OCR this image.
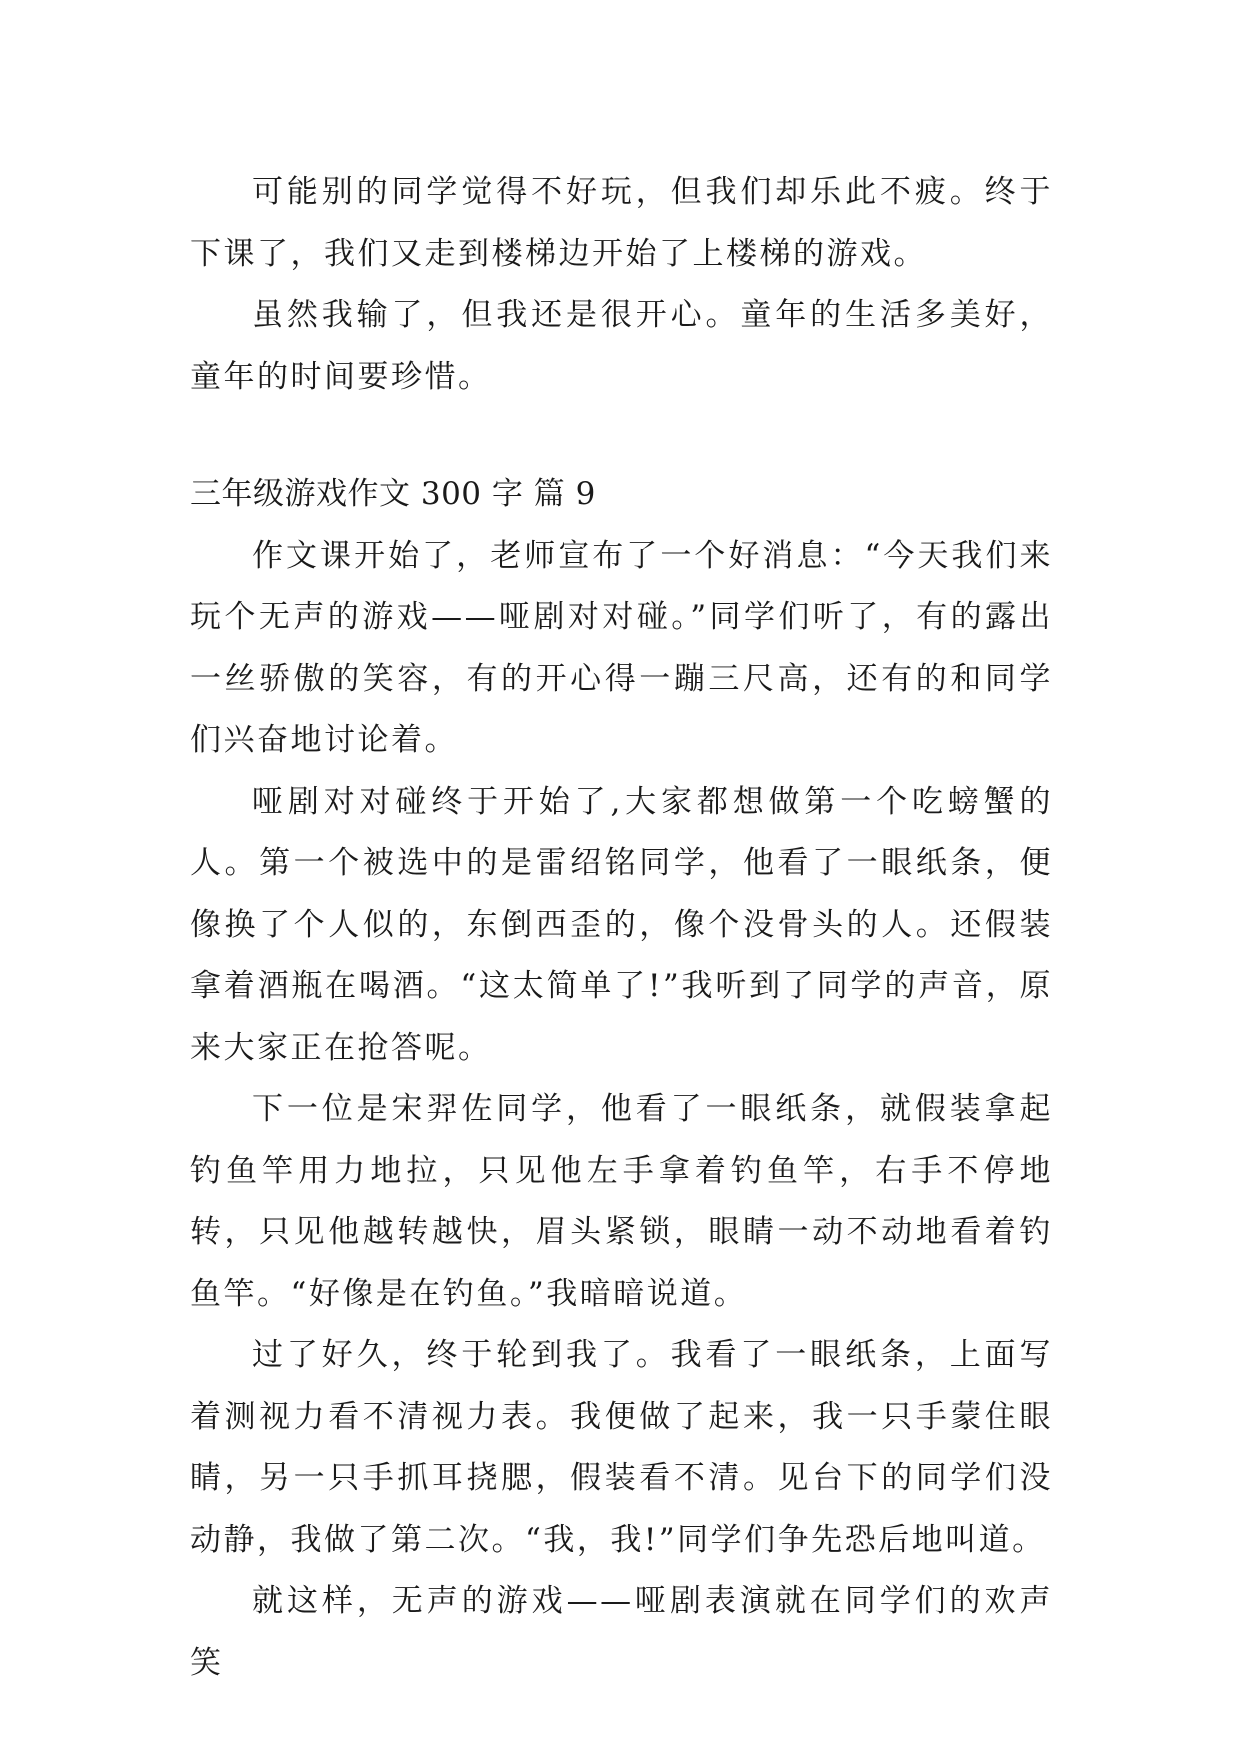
可能别的同学觉得不好玩，但我们却乐此不疲。终于下课了，我们又走到楼梯边开始了上楼梯的游戏。

虽然我输了，但我还是很开心。童年的生活多美好，童年的时间要珍惜。

三年级游戏作文 300 字 篇 9

作文课开始了，老师宣布了一个好消息：“今天我们来玩个无声的游戏——哑剧对对碰。”同学们听了，有的露出一丝骄傲的笑容，有的开心得一蹦三尺高，还有的和同学们兴奋地讨论着。

哑剧对对碰终于开始了,大家都想做第一个吃螃蟹的人。第一个被选中的是雷绍铭同学，他看了一眼纸条，便像换了个人似的，东倒西歪的，像个没骨头的人。还假装拿着酒瓶在喝酒。“这太简单了!”我听到了同学的声音，原来大家正在抢答呢。

下一位是宋羿佐同学，他看了一眼纸条，就假装拿起钓鱼竿用力地拉，只见他左手拿着钓鱼竿，右手不停地转，只见他越转越快，眉头紧锁，眼睛一动不动地看着钓鱼竿。“好像是在钓鱼。”我暗暗说道。

过了好久，终于轮到我了。我看了一眼纸条，上面写着测视力看不清视力表。我便做了起来，我一只手蒙住眼睛，另一只手抓耳挠腮，假装看不清。见台下的同学们没动静，我做了第二次。“我，我!”同学们争先恐后地叫道。

就这样，无声的游戏——哑剧表演就在同学们的欢声笑
